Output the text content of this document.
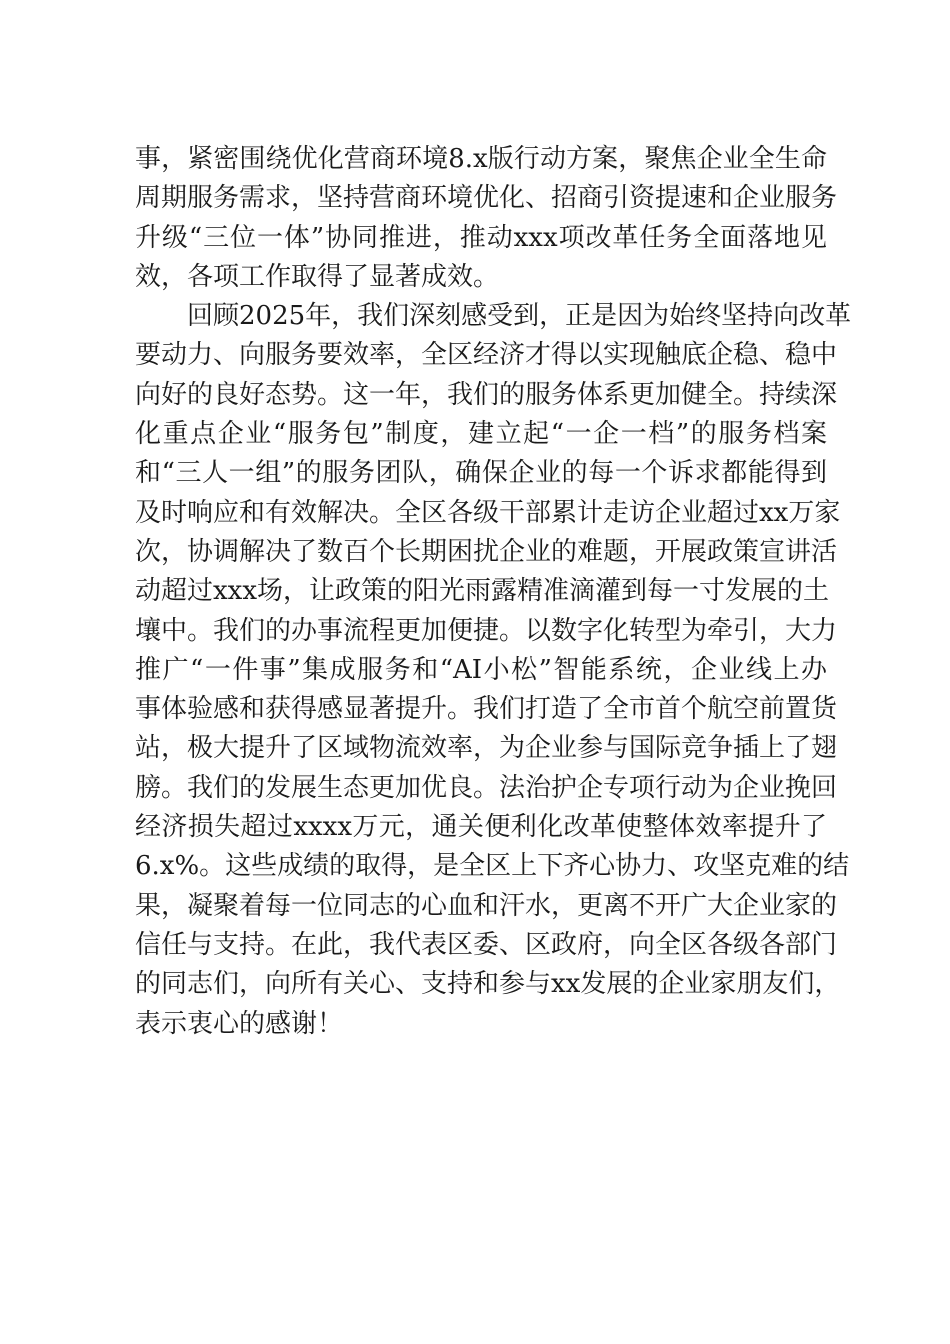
事，紧密围绕优化营商环境8.x版行动方案，聚焦企业全生命
周期服务需求，坚持营商环境优化、招商引资提速和企业服务
升级“三位一体”协同推进，推动xxx项改革任务全面落地见
效，各项工作取得了显著成效。
　　回顾2025年，我们深刻感受到，正是因为始终坚持向改革
要动力、向服务要效率，全区经济才得以实现触底企稳、稳中
向好的良好态势。这一年，我们的服务体系更加健全。持续深
化重点企业“服务包”制度，建立起“一企一档”的服务档案
和“三人一组”的服务团队，确保企业的每一个诉求都能得到
及时响应和有效解决。全区各级干部累计走访企业超过xx万家
次，协调解决了数百个长期困扰企业的难题，开展政策宣讲活
动超过xxx场，让政策的阳光雨露精准滴灌到每一寸发展的土
壤中。我们的办事流程更加便捷。以数字化转型为牵引，大力
推广“一件事”集成服务和“AI小松”智能系统，企业线上办
事体验感和获得感显著提升。我们打造了全市首个航空前置货
站，极大提升了区域物流效率，为企业参与国际竞争插上了翅
膀。我们的发展生态更加优良。法治护企专项行动为企业挽回
经济损失超过xxxx万元，通关便利化改革使整体效率提升了
6.x%。这些成绩的取得，是全区上下齐心协力、攻坚克难的结
果，凝聚着每一位同志的心血和汗水，更离不开广大企业家的
信任与支持。在此，我代表区委、区政府，向全区各级各部门
的同志们，向所有关心、支持和参与xx发展的企业家朋友们，
表示衷心的感谢！
